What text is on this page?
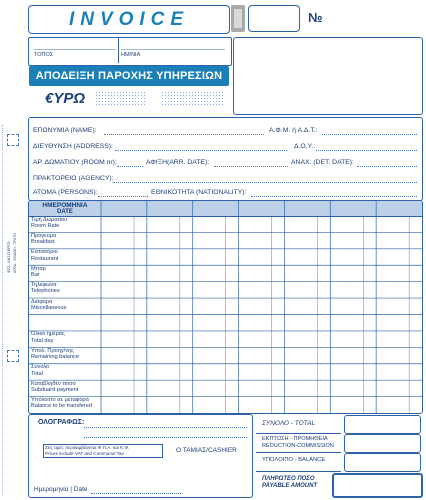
INVOICE	№
ΤΟΠΟΣ	ΗΜ/ΝΙΑ
ΑΠΟΔΕΙΞΗ ΠΑΡΟΧΗΣ ΥΠΗΡΕΣΙΩΝ
€ΥΡΩ
ΦΣΣ - ΑΝΤ.Ο ΕΡΓΟ ΑΠΟΔ. - ΕΚΔΟΣΗ - ΠΡΩΤΟ
ΕΠΩΝΥΜΙΑ (NAME):	Α.Φ.Μ. ή Α.Δ.Τ.:
ΔΙΕΥΘΥΝΣΗ (ADDRESS):	Δ.Ο.Υ.:
ΑΡ. ΔΩΜΑΤΙΟΥ (ROOM nr):	ΑΦΙΞΗ(ARR. DATE):	ΑΝΑΧ. (DET. DATE):
ΠΡΑΚΤΟΡΕΙΟ (AGENCY):
ΑΤΟΜΑ (PERSONS):	ΕΘΝΙΚΟΤΗΤΑ (NATIONALITY):
ΗΜΕΡΟΜΗΝΙΑ
DATE
Τιμή Δωματίου
Room Rate
Πρόγευμα
Breakfast
Εστιατόριο
Restaurant
Μπαρ
Bar
Τηλέφωνα
Telephones
Διάφορα
Miscellaneous
Όλικό ημέρας
Total day
Υπολ. Προηγ/νης
Remaining balance
Σύνολο
Total
Καταβληθέν ποσό
Subduard payment
Υπόλοιπο σε μεταφορά
Balance to be transfered
ΟΛΟΓΡΑΦΩΣ:
Στις τιμές περιλαμβάνεται Φ.Π.Α. και Κ.Φ.
Prices include VAT and Communal Tax	Ο ΤΑΜΙΑΣ/CASHIER
Ημερομηνία | Date
ΣΥΝΟΛΟ - TOTAL
ΕΚΠΤΩΣΗ - ΠΡΟΜΗΘΕΙΑ
REDUCTION-COMMISSION
ΥΠΟΛΟΙΠΟ - BALANCE
ΠΛΗΡΩΤΕΟ ΠΟΣΟ
PAYABLE AMOUNT
